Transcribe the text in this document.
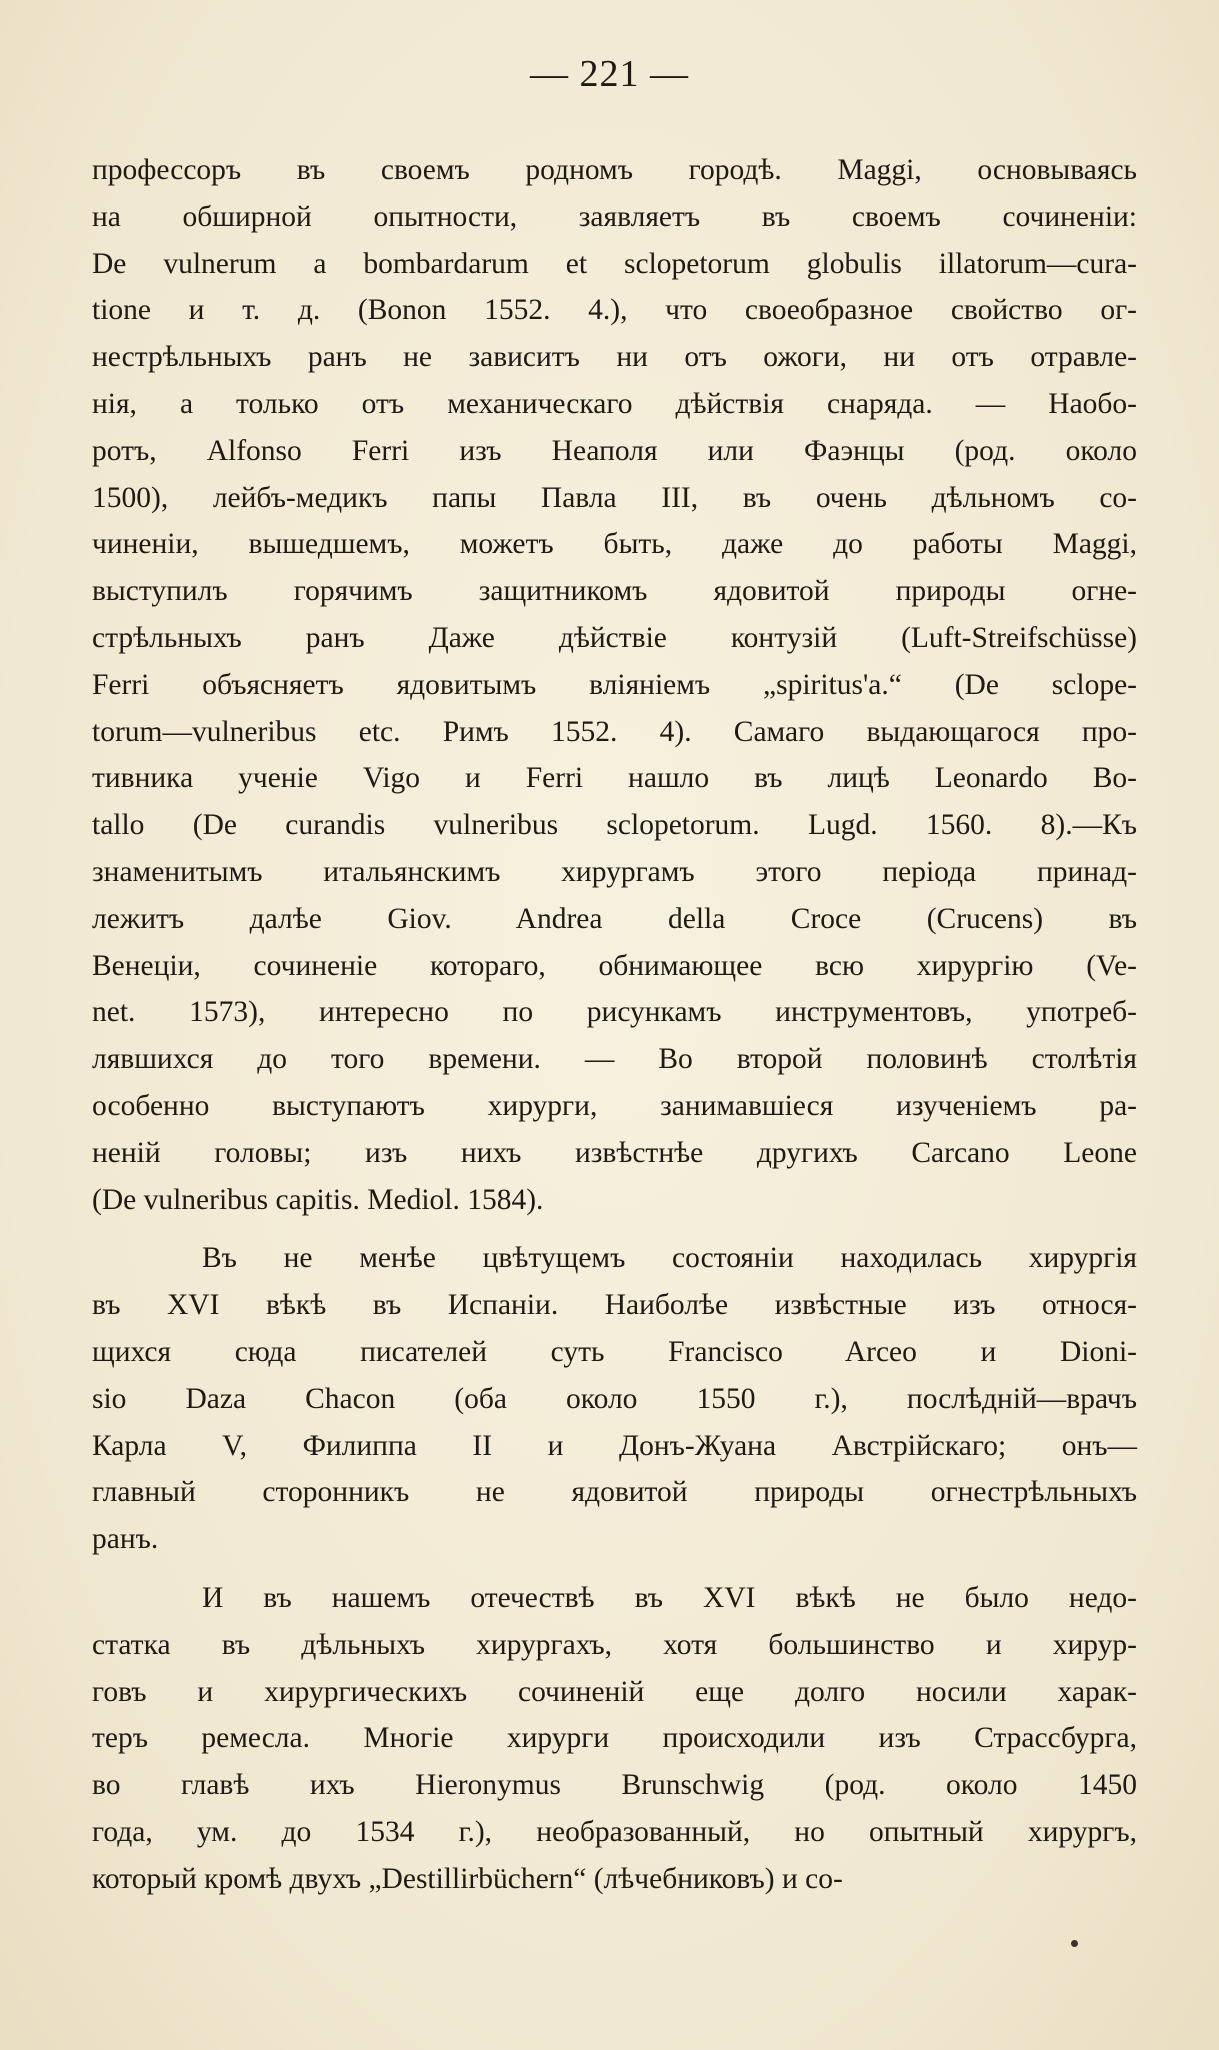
— 221 —
профессоръ въ своемъ родномъ городѣ. Maggi, основываясь
на обширной опытности, заявляетъ въ своемъ сочиненіи:
De vulnerum a bombardarum et sclopetorum globulis illatorum—cura-
tione и т. д. (Bonon 1552. 4.), что своеобразное свойство ог-
нестрѣльныхъ ранъ не зависитъ ни отъ ожоги, ни отъ отравле-
нія, а только отъ механическаго дѣйствія снаряда. — Наобо-
ротъ, Alfonso Ferri изъ Неаполя или Фаэнцы (род. около
1500), лейбъ-медикъ папы Павла III, въ очень дѣльномъ со-
чиненіи, вышедшемъ, можетъ быть, даже до работы Maggi,
выступилъ горячимъ защитникомъ ядовитой природы огне-
стрѣльныхъ ранъ Даже дѣйствіе контузій (Luft-Streifschüsse)
Ferri объясняетъ ядовитымъ вліяніемъ „spiritus'a.“ (De sclope-
torum—vulneribus etc. Римъ 1552. 4). Самаго выдающагося про-
тивника ученіе Vigo и Ferri нашло въ лицѣ Leonardo Bo-
tallo (De curandis vulneribus sclopetorum. Lugd. 1560. 8).—Къ
знаменитымъ итальянскимъ хирургамъ этого періода принад-
лежитъ далѣе Giov. Andrea della Croce (Crucens) въ
Венеціи, сочиненіе котораго, обнимающее всю хирургію (Ve-
net. 1573), интересно по рисункамъ инструментовъ, употреб-
лявшихся до того времени. — Во второй половинѣ столѣтія
особенно выступаютъ хирурги, занимавшіеся изученіемъ ра-
неній головы; изъ нихъ извѣстнѣе другихъ Carcano Leone
(De vulneribus capitis. Mediol. 1584).
Въ не менѣе цвѣтущемъ состояніи находилась хирургія
въ XVI вѣкѣ въ Испаніи. Наиболѣе извѣстные изъ относя-
щихся сюда писателей суть Francisco Arceo и Dioni-
sio Daza Chacon (оба около 1550 г.), послѣдній—врачъ
Карла V, Филиппа II и Донъ-Жуана Австрійскаго; онъ—
главный сторонникъ не ядовитой природы огнестрѣльныхъ
ранъ.
И въ нашемъ отечествѣ въ XVI вѣкѣ не было недо-
статка въ дѣльныхъ хирургахъ, хотя большинство и хирур-
говъ и хирургическихъ сочиненій еще долго носили харак-
теръ ремесла. Многіе хирурги происходили изъ Страссбурга,
во главѣ ихъ Hieronymus Brunschwig (род. около 1450
года, ум. до 1534 г.), необразованный, но опытный хирургъ,
который кромѣ двухъ „Destillirbüchern“ (лѣчебниковъ) и со-
